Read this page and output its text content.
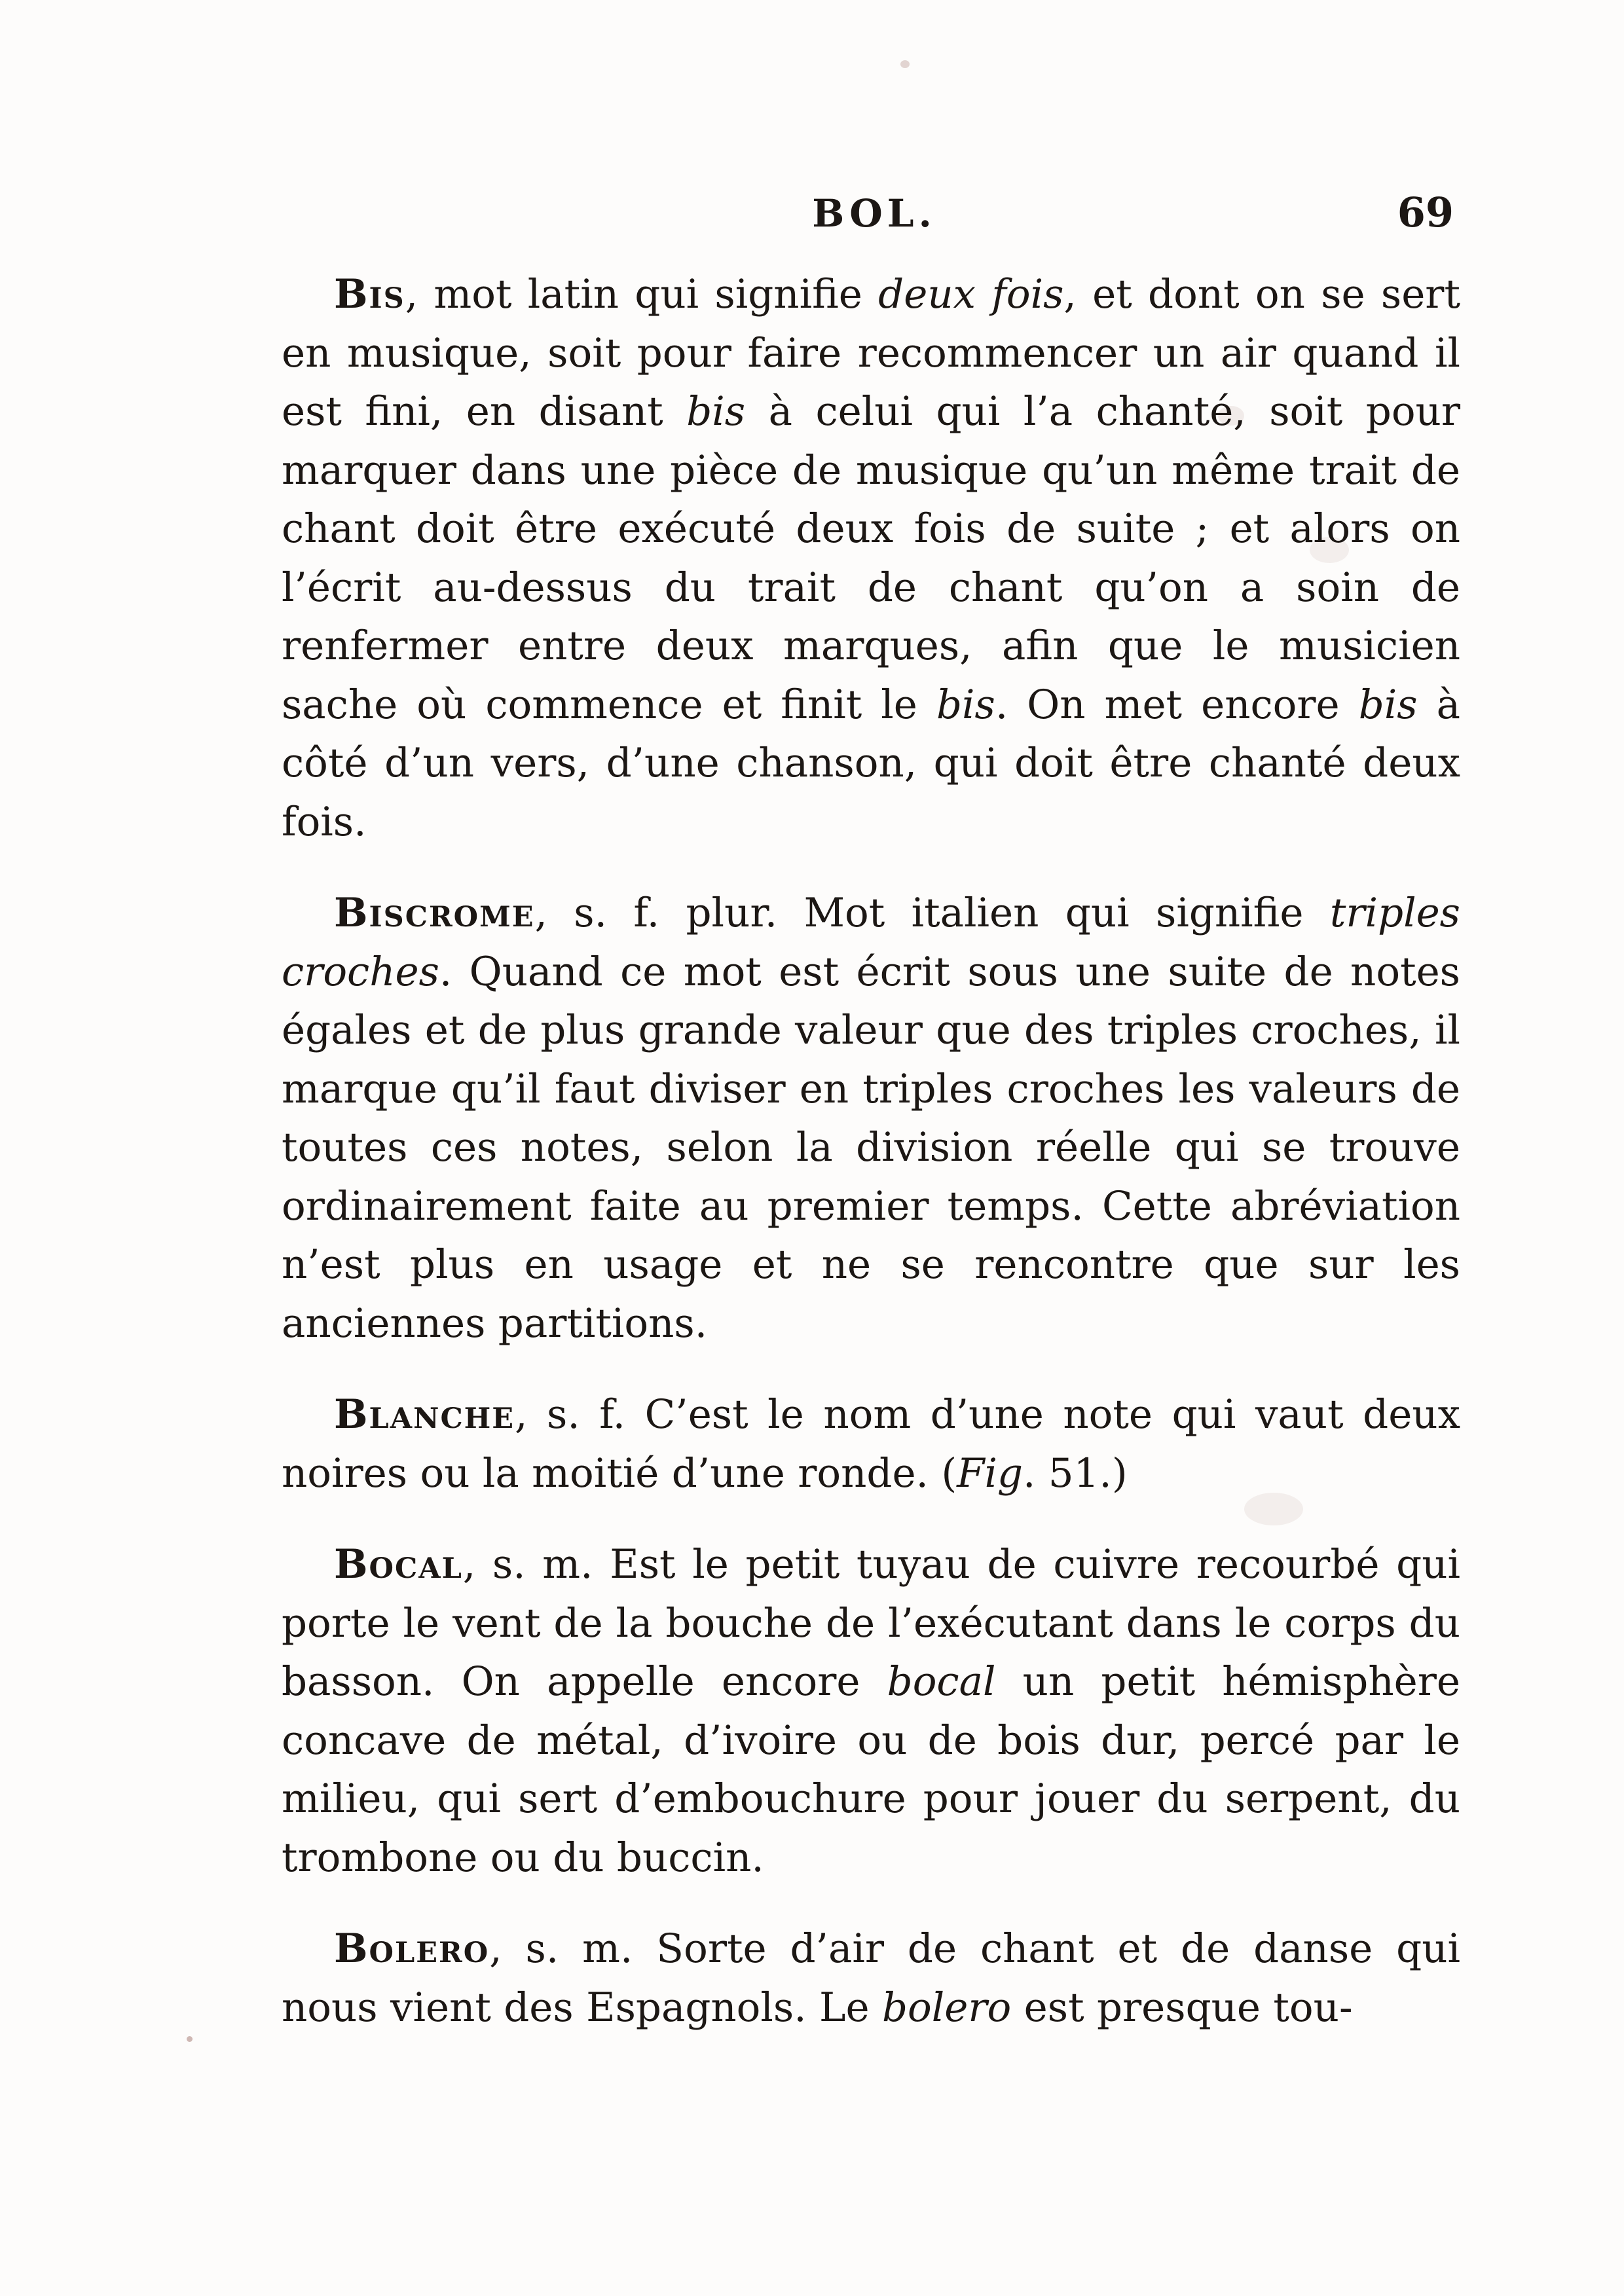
BOL.	69

Bis, mot latin qui signifie deux fois, et dont on se sert en musique, soit pour faire recommencer un air quand il est fini, en disant bis à celui qui l’a chanté, soit pour marquer dans une pièce de musique qu’un même trait de chant doit être exécuté deux fois de suite ; et alors on l’écrit au-dessus du trait de chant qu’on a soin de renfermer entre deux marques, afin que le musicien sache où commence et finit le bis. On met encore bis à côté d’un vers, d’une chanson, qui doit être chanté deux fois.

Biscrome, s. f. plur. Mot italien qui signifie triples croches. Quand ce mot est écrit sous une suite de notes égales et de plus grande valeur que des triples croches, il marque qu’il faut diviser en triples croches les valeurs de toutes ces notes, selon la division réelle qui se trouve ordinairement faite au premier temps. Cette abréviation n’est plus en usage et ne se rencontre que sur les anciennes partitions.

Blanche, s. f. C’est le nom d’une note qui vaut deux noires ou la moitié d’une ronde. (Fig. 51.)

Bocal, s. m. Est le petit tuyau de cuivre recourbé qui porte le vent de la bouche de l’exécutant dans le corps du basson. On appelle encore bocal un petit hémisphère concave de métal, d’ivoire ou de bois dur, percé par le milieu, qui sert d’embouchure pour jouer du serpent, du trombone ou du buccin.

Bolero, s. m. Sorte d’air de chant et de danse qui nous vient des Espagnols. Le bolero est presque tou-
